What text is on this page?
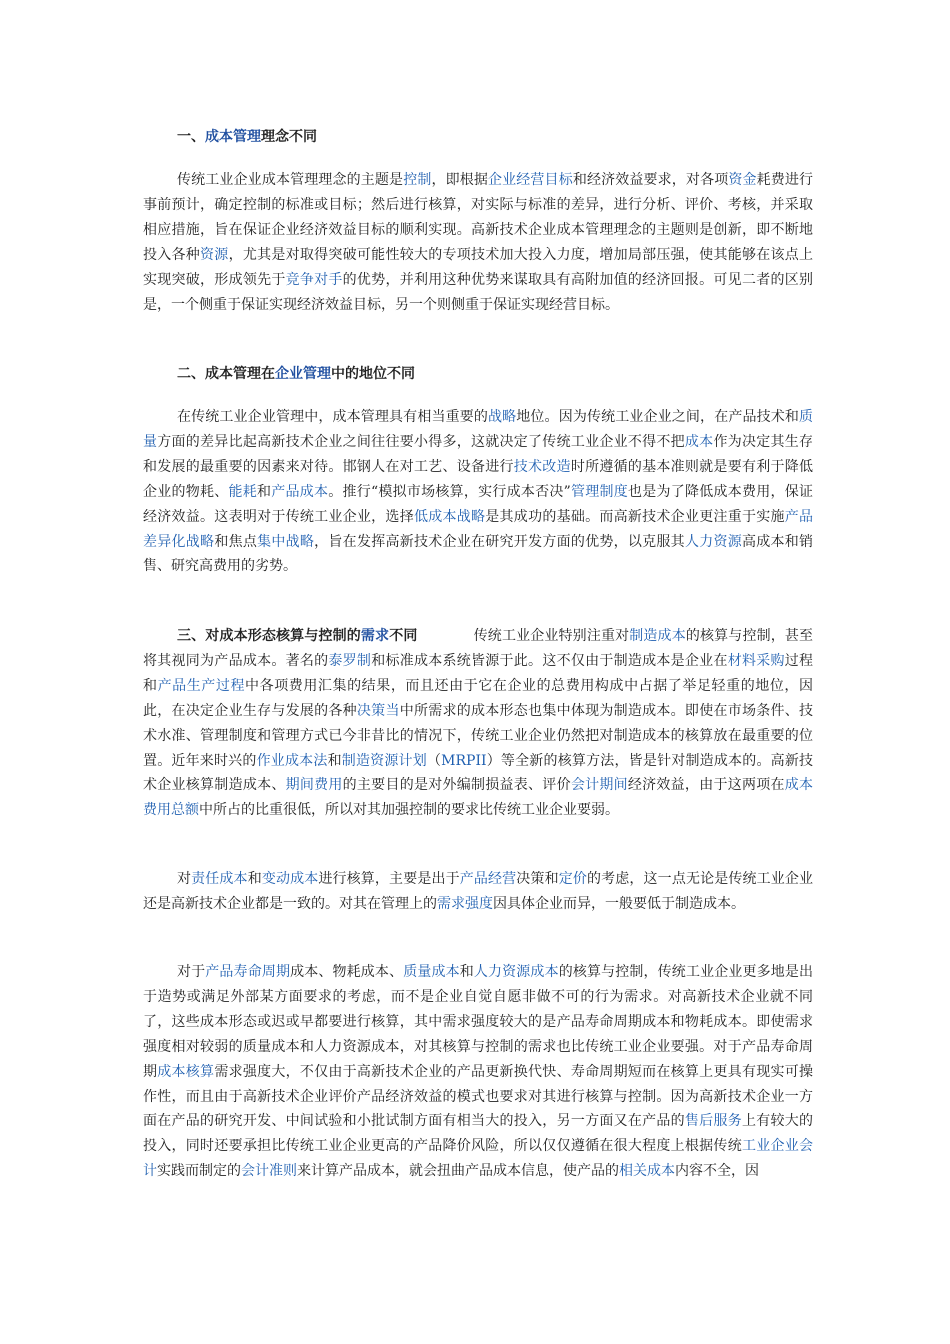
一、成本管理理念不同

传统工业企业成本管理理念的主题是控制，即根据企业经营目标和经济效益要求，对各项资金耗费进行事前预计，确定控制的标准或目标；然后进行核算，对实际与标准的差异，进行分析、评价、考核，并采取相应措施，旨在保证企业经济效益目标的顺利实现。高新技术企业成本管理理念的主题则是创新，即不断地投入各种资源，尤其是对取得突破可能性较大的专项技术加大投入力度，增加局部压强，使其能够在该点上实现突破，形成领先于竞争对手的优势，并利用这种优势来谋取具有高附加值的经济回报。可见二者的区别是，一个侧重于保证实现经济效益目标，另一个则侧重于保证实现经营目标。

二、成本管理在企业管理中的地位不同

在传统工业企业管理中，成本管理具有相当重要的战略地位。因为传统工业企业之间，在产品技术和质量方面的差异比起高新技术企业之间往往要小得多，这就决定了传统工业企业不得不把成本作为决定其生存和发展的最重要的因素来对待。邯钢人在对工艺、设备进行技术改造时所遵循的基本准则就是要有利于降低企业的物耗、能耗和产品成本。推行“模拟市场核算，实行成本否决”管理制度也是为了降低成本费用，保证经济效益。这表明对于传统工业企业，选择低成本战略是其成功的基础。而高新技术企业更注重于实施产品差异化战略和焦点集中战略，旨在发挥高新技术企业在研究开发方面的优势，以克服其人力资源高成本和销售、研究高费用的劣势。

三、对成本形态核算与控制的需求不同	传统工业企业特别注重对制造成本的核算与控制，甚至将其视同为产品成本。著名的泰罗制和标准成本系统皆源于此。这不仅由于制造成本是企业在材料采购过程和产品生产过程中各项费用汇集的结果，而且还由于它在企业的总费用构成中占据了举足轻重的地位，因此，在决定企业生存与发展的各种决策当中所需求的成本形态也集中体现为制造成本。即使在市场条件、技术水准、管理制度和管理方式已今非昔比的情况下，传统工业企业仍然把对制造成本的核算放在最重要的位置。近年来时兴的作业成本法和制造资源计划（MRPII）等全新的核算方法，皆是针对制造成本的。高新技术企业核算制造成本、期间费用的主要目的是对外编制损益表、评价会计期间经济效益，由于这两项在成本费用总额中所占的比重很低，所以对其加强控制的要求比传统工业企业要弱。

对责任成本和变动成本进行核算，主要是出于产品经营决策和定价的考虑，这一点无论是传统工业企业还是高新技术企业都是一致的。对其在管理上的需求强度因具体企业而异，一般要低于制造成本。

对于产品寿命周期成本、物耗成本、质量成本和人力资源成本的核算与控制，传统工业企业更多地是出于造势或满足外部某方面要求的考虑，而不是企业自觉自愿非做不可的行为需求。对高新技术企业就不同了，这些成本形态或迟或早都要进行核算，其中需求强度较大的是产品寿命周期成本和物耗成本。即使需求强度相对较弱的质量成本和人力资源成本，对其核算与控制的需求也比传统工业企业要强。对于产品寿命周期成本核算需求强度大，不仅由于高新技术企业的产品更新换代快、寿命周期短而在核算上更具有现实可操作性，而且由于高新技术企业评价产品经济效益的模式也要求对其进行核算与控制。因为高新技术企业一方面在产品的研究开发、中间试验和小批试制方面有相当大的投入，另一方面又在产品的售后服务上有较大的投入，同时还要承担比传统工业企业更高的产品降价风险，所以仅仅遵循在很大程度上根据传统工业企业会计实践而制定的会计准则来计算产品成本，就会扭曲产品成本信息，使产品的相关成本内容不全，因
